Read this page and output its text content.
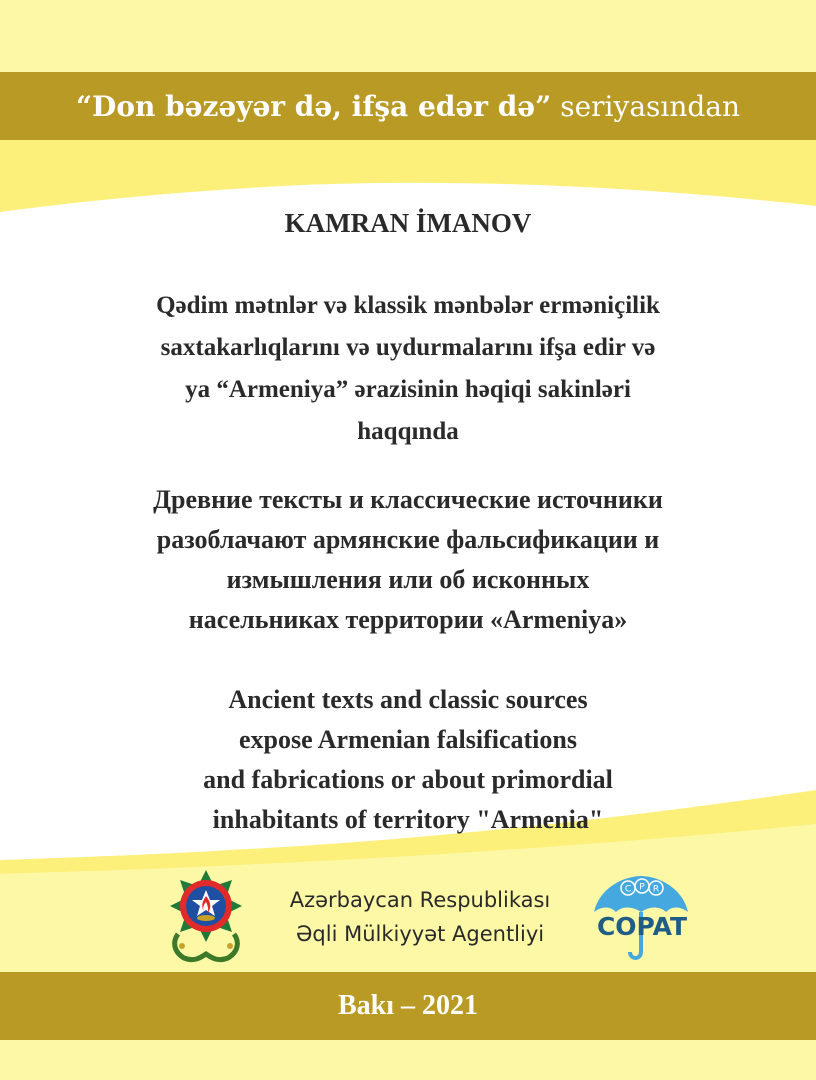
“Don bəzəyər də, ifşa edər də” seriyasından
KAMRAN İMANOV
Qədim mətnlər və klassik mənbələr erməniçilik
saxtakarlıqlarını və uydurmalarını ifşa edir və
ya “Armeniya” ərazisinin həqiqi sakinləri
haqqında
Древние тексты и классические источники
разоблачают армянские фальсификации и
измышления или об исконных
насельниках территории «Armeniya»
Ancient texts and classic sources
expose Armenian falsifications
and fabrications or about primordial
inhabitants of territory "Armenia"
Azərbaycan Respublikası
Əqli Mülkiyyət Agentliyi
C P R
COPAT
Bakı – 2021
